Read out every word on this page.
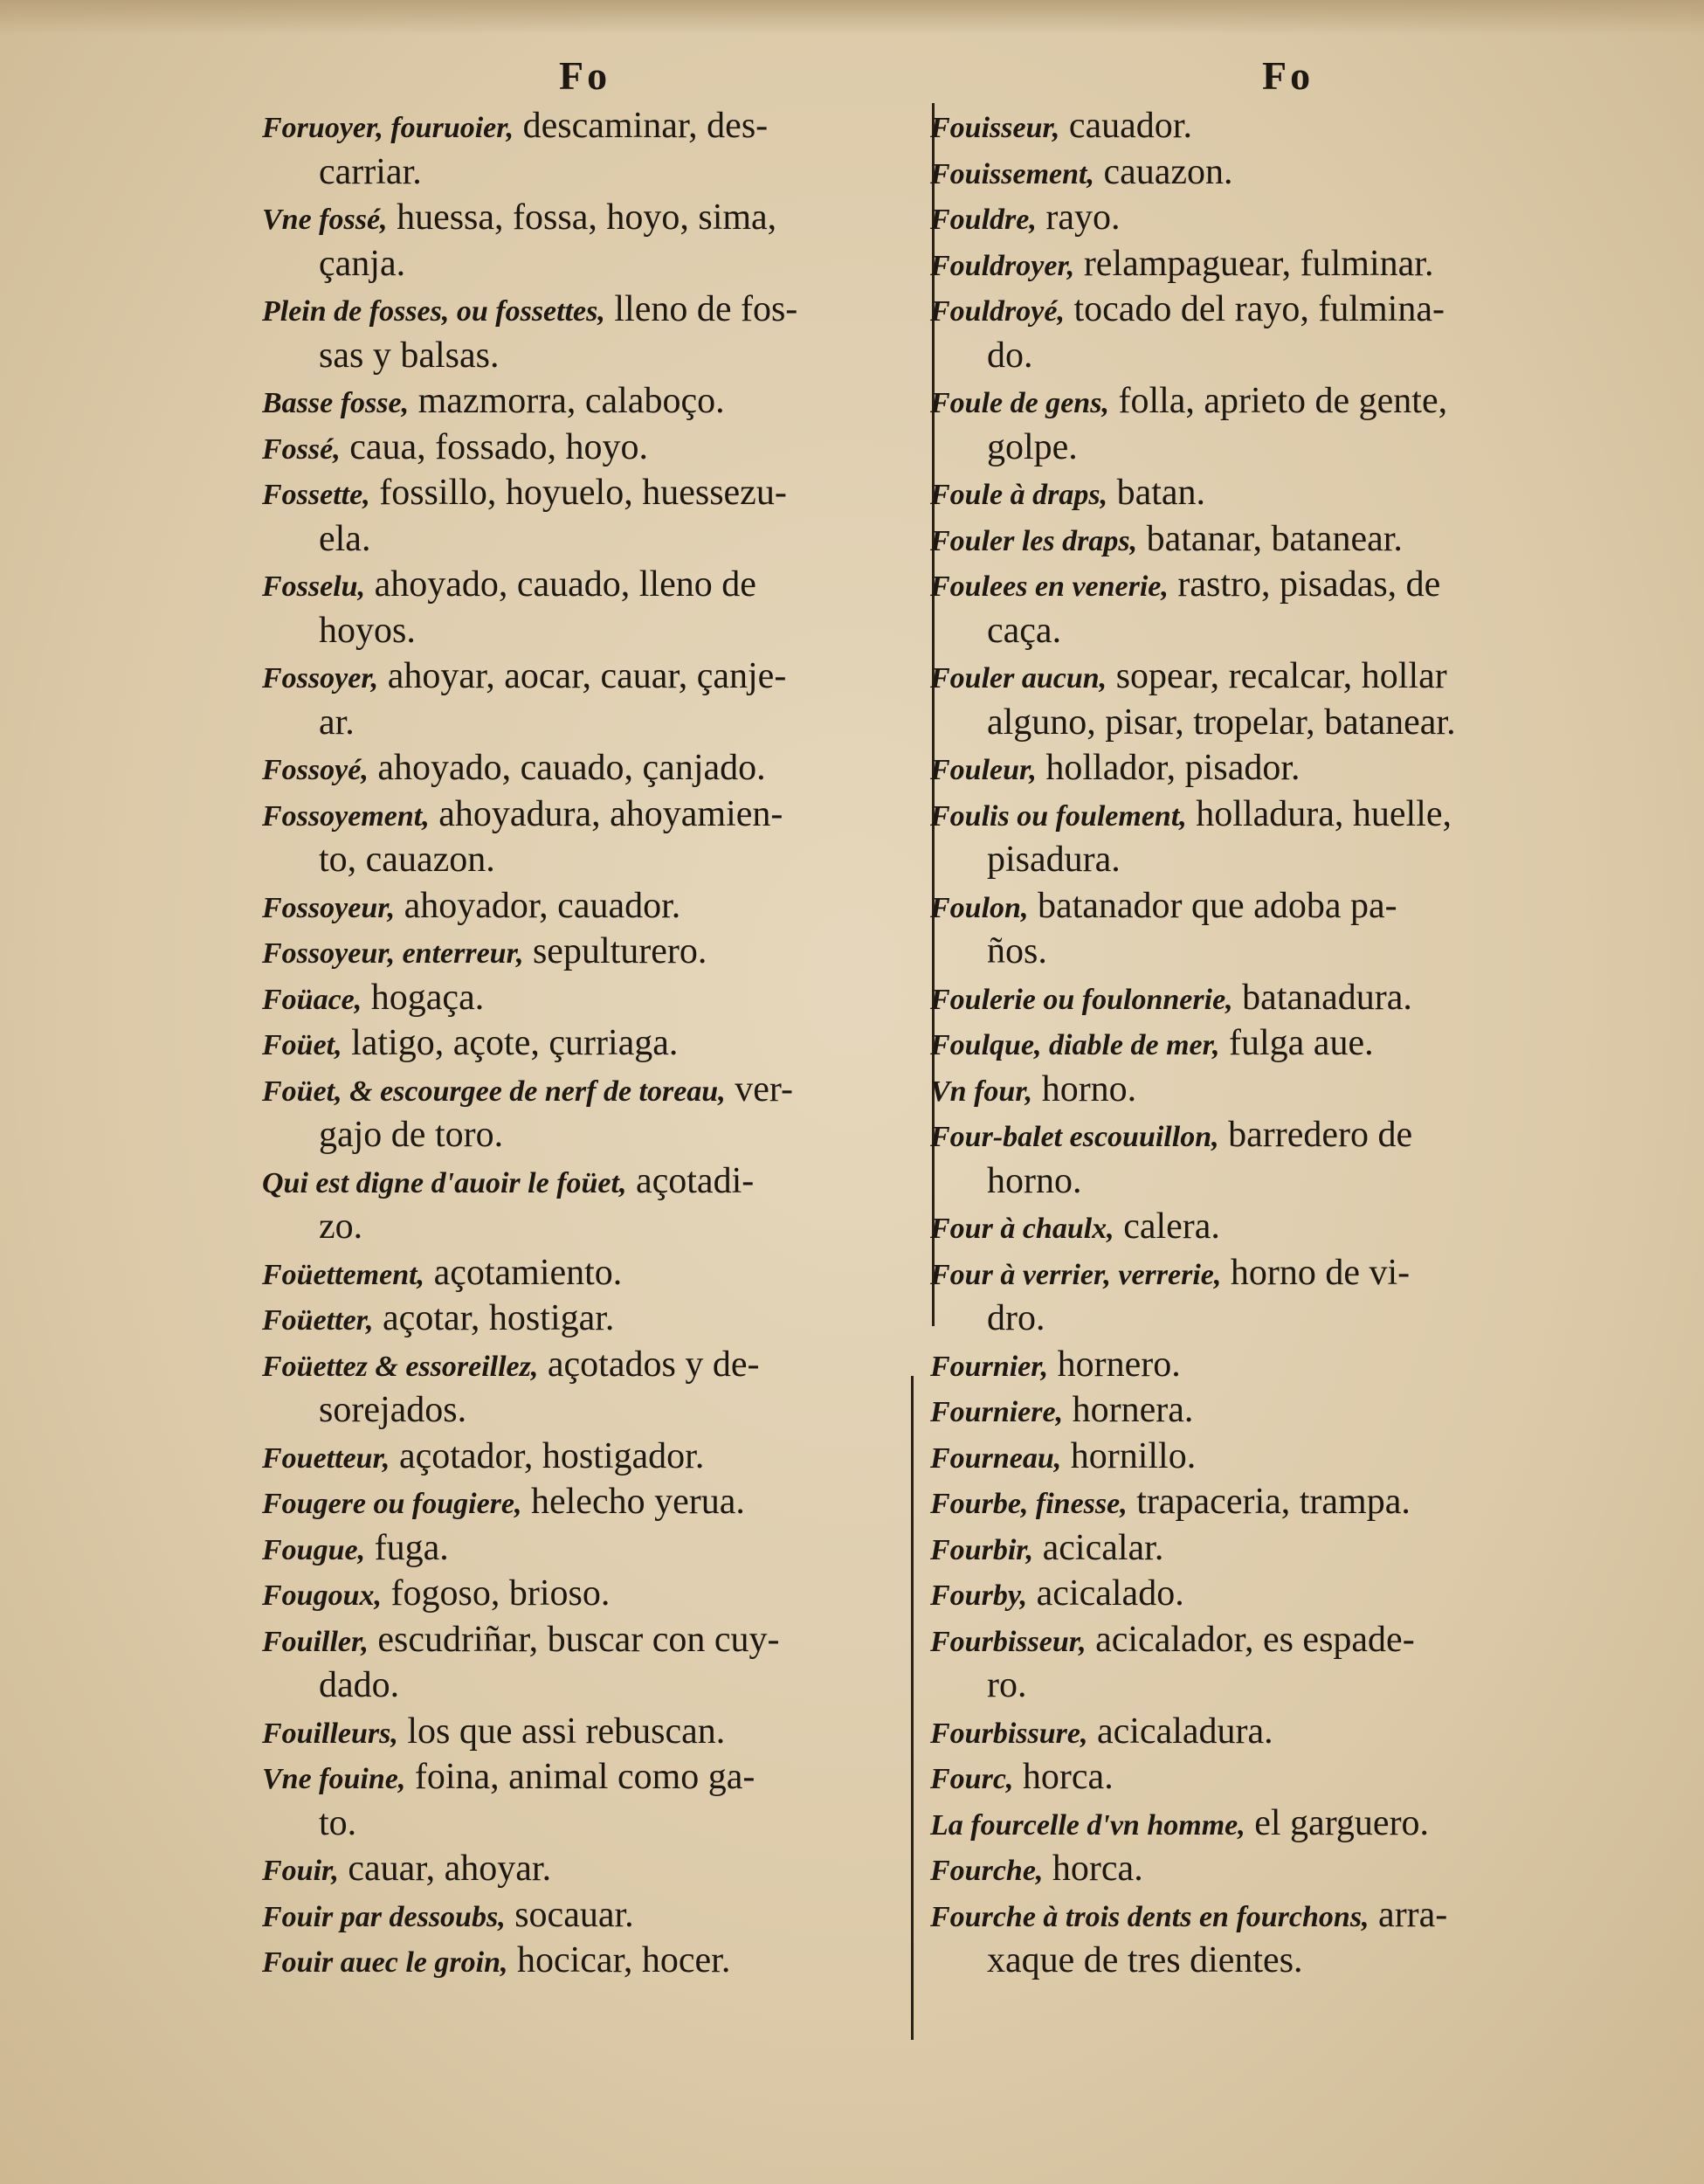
Fo	Fo
Foruoyer, fouruoier, descaminar, des-
carriar.
Vne fossé, huessa, fossa, hoyo, sima,
çanja.
Plein de fosses, ou fossettes, lleno de fos-
sas y balsas.
Basse fosse, mazmorra, calaboço.
Fossé, caua, fossado, hoyo.
Fossette, fossillo, hoyuelo, huessezu-
ela.
Fosselu, ahoyado, cauado, lleno de
hoyos.
Fossoyer, ahoyar, aocar, cauar, çanje-
ar.
Fossoyé, ahoyado, cauado, çanjado.
Fossoyement, ahoyadura, ahoyamien-
to, cauazon.
Fossoyeur, ahoyador, cauador.
Fossoyeur, enterreur, sepulturero.
Foüace, hogaça.
Foüet, latigo, açote, çurriaga.
Foüet, & escourgee de nerf de toreau, ver-
gajo de toro.
Qui est digne d'auoir le foüet, açotadi-
zo.
Foüettement, açotamiento.
Foüetter, açotar, hostigar.
Foüettez & essoreillez, açotados y de-
sorejados.
Fouetteur, açotador, hostigador.
Fougere ou fougiere, helecho yerua.
Fougue, fuga.
Fougoux, fogoso, brioso.
Fouiller, escudriñar, buscar con cuy-
dado.
Fouilleurs, los que assi rebuscan.
Vne fouine, foina, animal como ga-
to.
Fouir, cauar, ahoyar.
Fouir par dessoubs, socauar.
Fouir auec le groin, hocicar, hocer.
Fouisseur, cauador.
Fouissement, cauazon.
Fouldre, rayo.
Fouldroyer, relampaguear, fulminar.
Fouldroyé, tocado del rayo, fulmina-
do.
Foule de gens, folla, aprieto de gente,
golpe.
Foule à draps, batan.
Fouler les draps, batanar, batanear.
Foulees en venerie, rastro, pisadas, de
caça.
Fouler aucun, sopear, recalcar, hollar
alguno, pisar, tropelar, batanear.
Fouleur, hollador, pisador.
Foulis ou foulement, holladura, huelle,
pisadura.
Foulon, batanador que adoba pa-
ños.
Foulerie ou foulonnerie, batanadura.
Foulque, diable de mer, fulga aue.
Vn four, horno.
Four-balet escouuillon, barredero de
horno.
Four à chaulx, calera.
Four à verrier, verrerie, horno de vi-
dro.
Fournier, hornero.
Fourniere, hornera.
Fourneau, hornillo.
Fourbe, finesse, trapaceria, trampa.
Fourbir, acicalar.
Fourby, acicalado.
Fourbisseur, acicalador, es espade-
ro.
Fourbissure, acicaladura.
Fourc, horca.
La fourcelle d'vn homme, el garguero.
Fourche, horca.
Fourche à trois dents en fourchons, arra-
xaque de tres dientes.
